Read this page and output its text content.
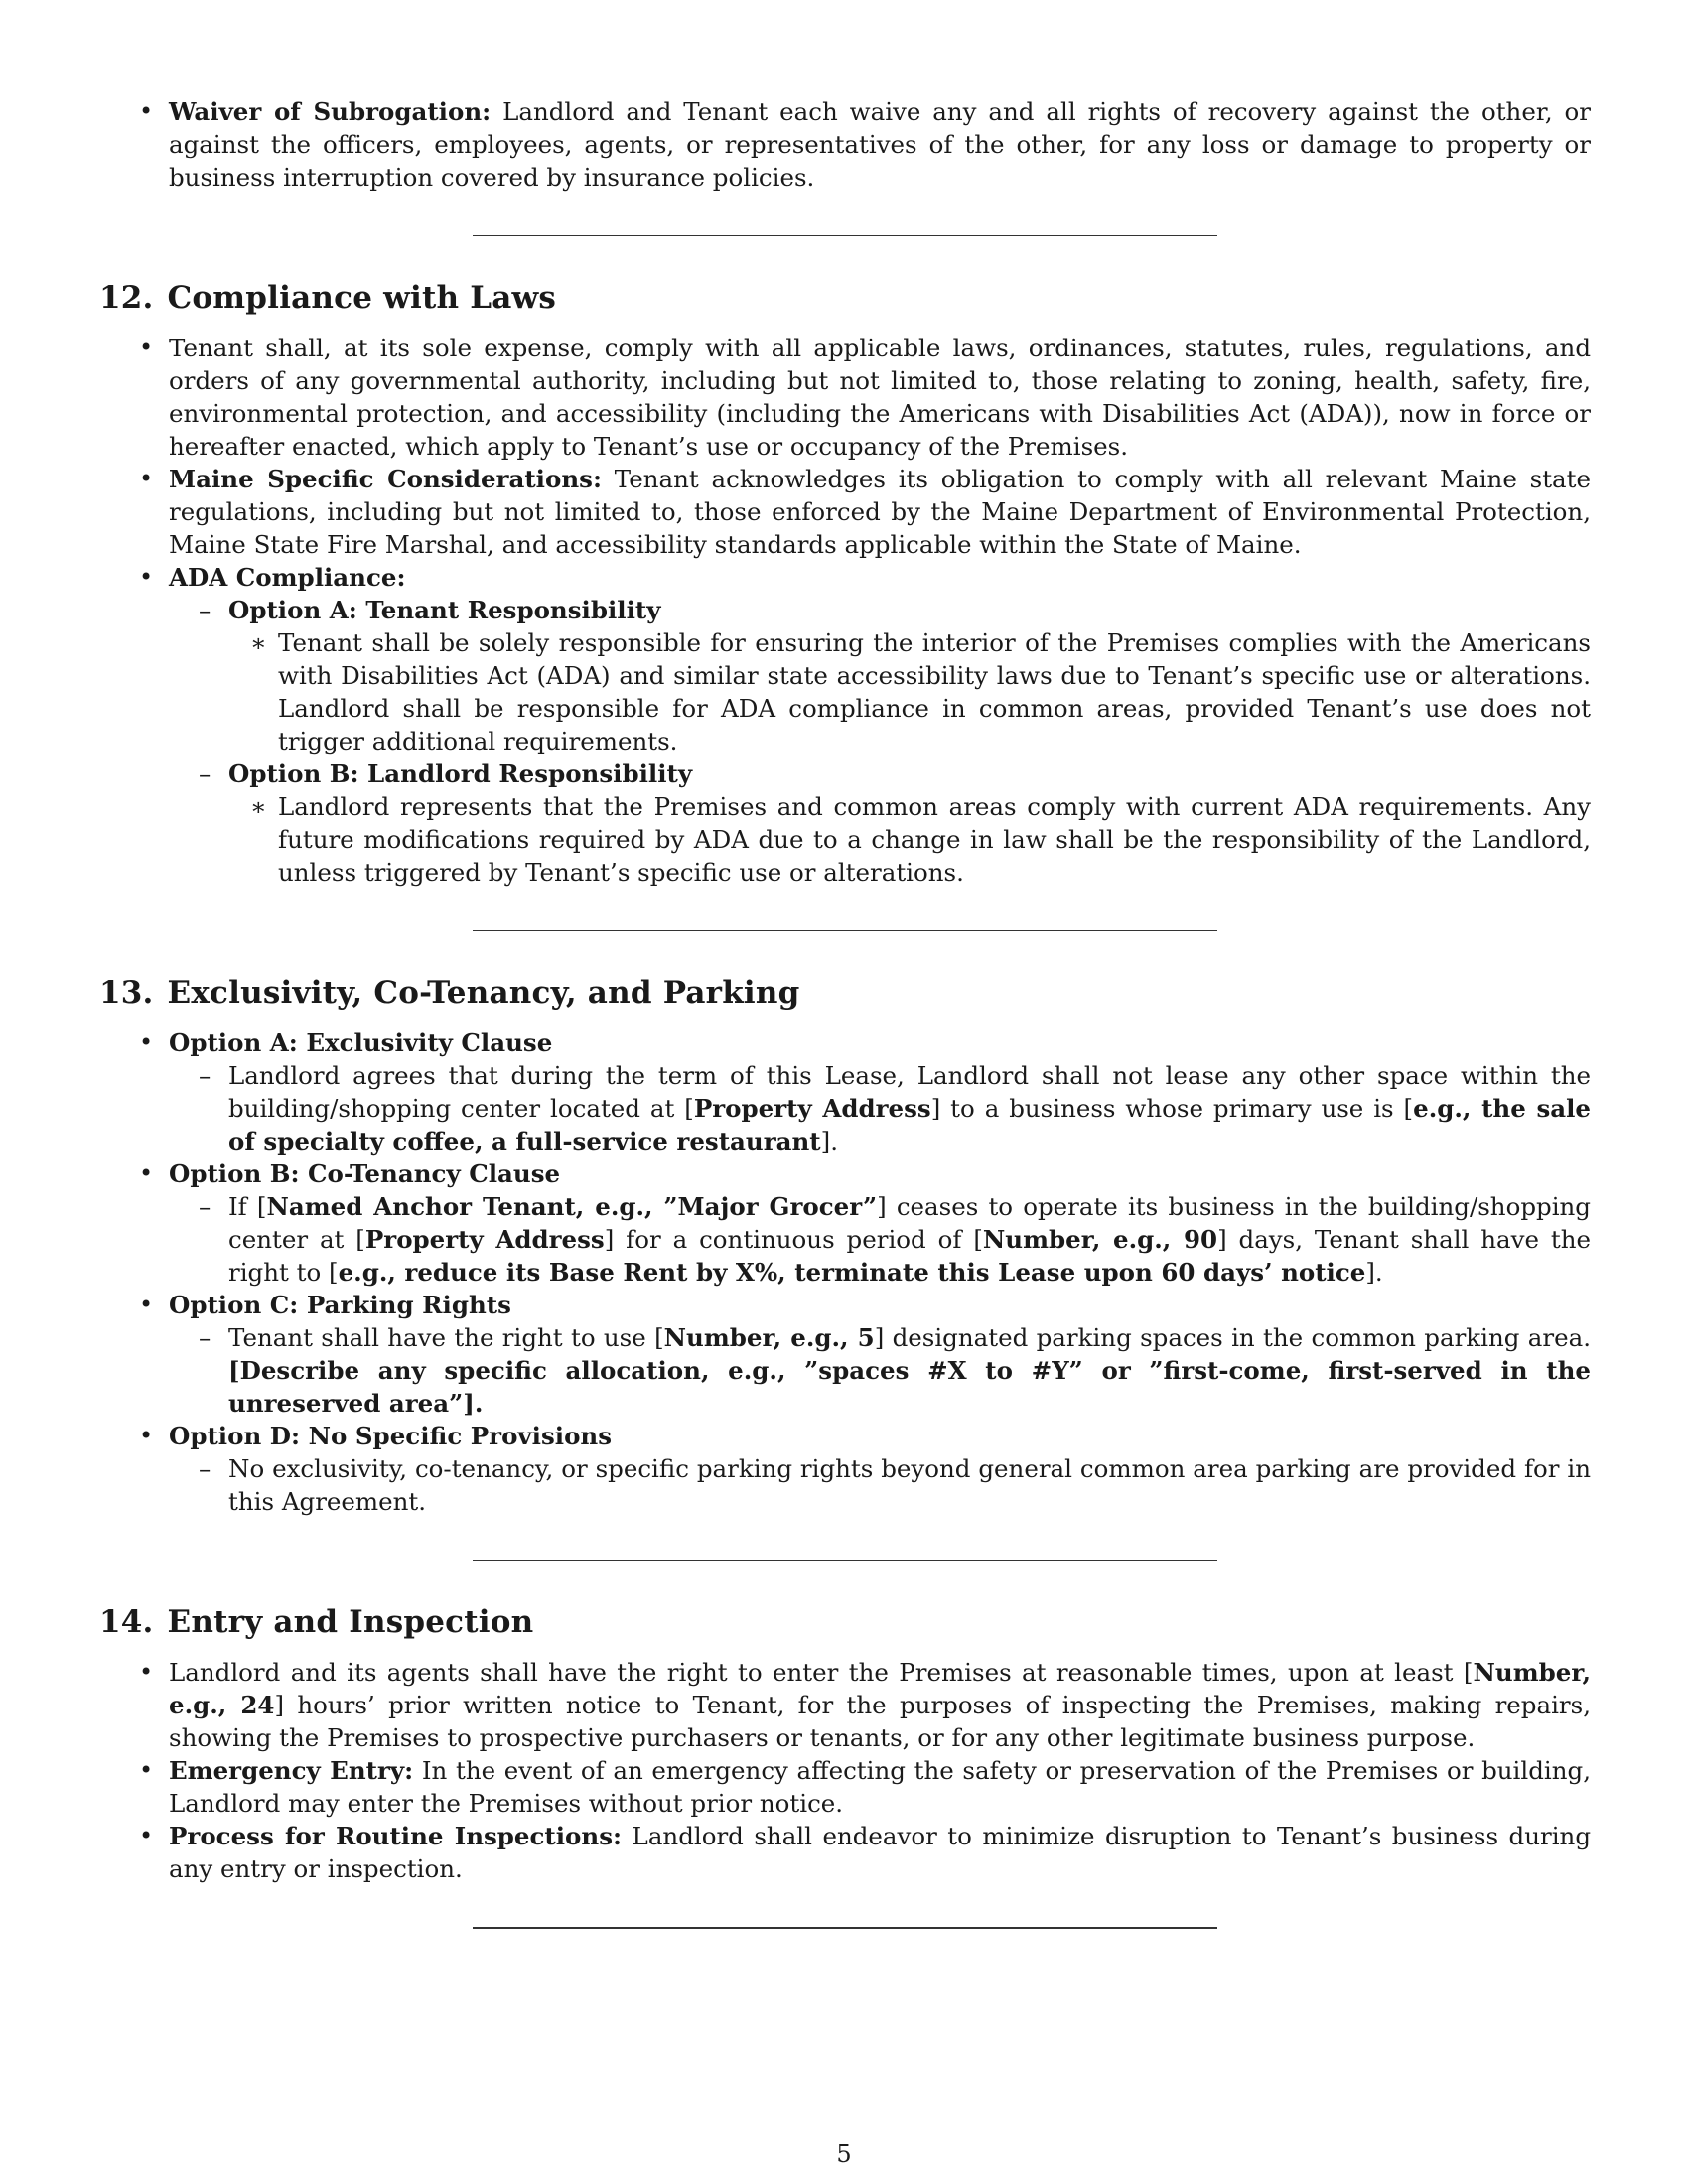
• Waiver of Subrogation: Landlord and Tenant each waive any and all rights of recovery against the other, or against the officers, employees, agents, or representatives of the other, for any loss or damage to property or business interruption covered by insurance policies.
12. Compliance with Laws
• Tenant shall, at its sole expense, comply with all applicable laws, ordinances, statutes, rules, regulations, and orders of any governmental authority, including but not limited to, those relating to zoning, health, safety, fire, environmental protection, and accessibility (including the Americans with Disabilities Act (ADA)), now in force or hereafter enacted, which apply to Tenant’s use or occupancy of the Premises.
• Maine Specific Considerations: Tenant acknowledges its obligation to comply with all relevant Maine state regulations, including but not limited to, those enforced by the Maine Department of Environmental Protection, Maine State Fire Marshal, and accessibility standards applicable within the State of Maine.
• ADA Compliance:
– Option A: Tenant Responsibility
∗ Tenant shall be solely responsible for ensuring the interior of the Premises complies with the Americans with Disabilities Act (ADA) and similar state accessibility laws due to Tenant’s specific use or alterations. Landlord shall be responsible for ADA compliance in common areas, provided Tenant’s use does not trigger additional requirements.
– Option B: Landlord Responsibility
∗ Landlord represents that the Premises and common areas comply with current ADA requirements. Any future modifications required by ADA due to a change in law shall be the responsibility of the Landlord, unless triggered by Tenant’s specific use or alterations.
13. Exclusivity, Co-Tenancy, and Parking
• Option A: Exclusivity Clause
– Landlord agrees that during the term of this Lease, Landlord shall not lease any other space within the building/shopping center located at [Property Address] to a business whose primary use is [e.g., the sale of specialty coffee, a full-service restaurant].
• Option B: Co-Tenancy Clause
– If [Named Anchor Tenant, e.g., ”Major Grocer”] ceases to operate its business in the building/shopping center at [Property Address] for a continuous period of [Number, e.g., 90] days, Tenant shall have the right to [e.g., reduce its Base Rent by X%, terminate this Lease upon 60 days’ notice].
• Option C: Parking Rights
– Tenant shall have the right to use [Number, e.g., 5] designated parking spaces in the common parking area. [Describe any specific allocation, e.g., ”spaces #X to #Y” or ”first-come, first-served in the unreserved area”].
• Option D: No Specific Provisions
– No exclusivity, co-tenancy, or specific parking rights beyond general common area parking are provided for in this Agreement.
14. Entry and Inspection
• Landlord and its agents shall have the right to enter the Premises at reasonable times, upon at least [Number, e.g., 24] hours’ prior written notice to Tenant, for the purposes of inspecting the Premises, making repairs, showing the Premises to prospective purchasers or tenants, or for any other legitimate business purpose.
• Emergency Entry: In the event of an emergency affecting the safety or preservation of the Premises or building, Landlord may enter the Premises without prior notice.
• Process for Routine Inspections: Landlord shall endeavor to minimize disruption to Tenant’s business during any entry or inspection.
5
